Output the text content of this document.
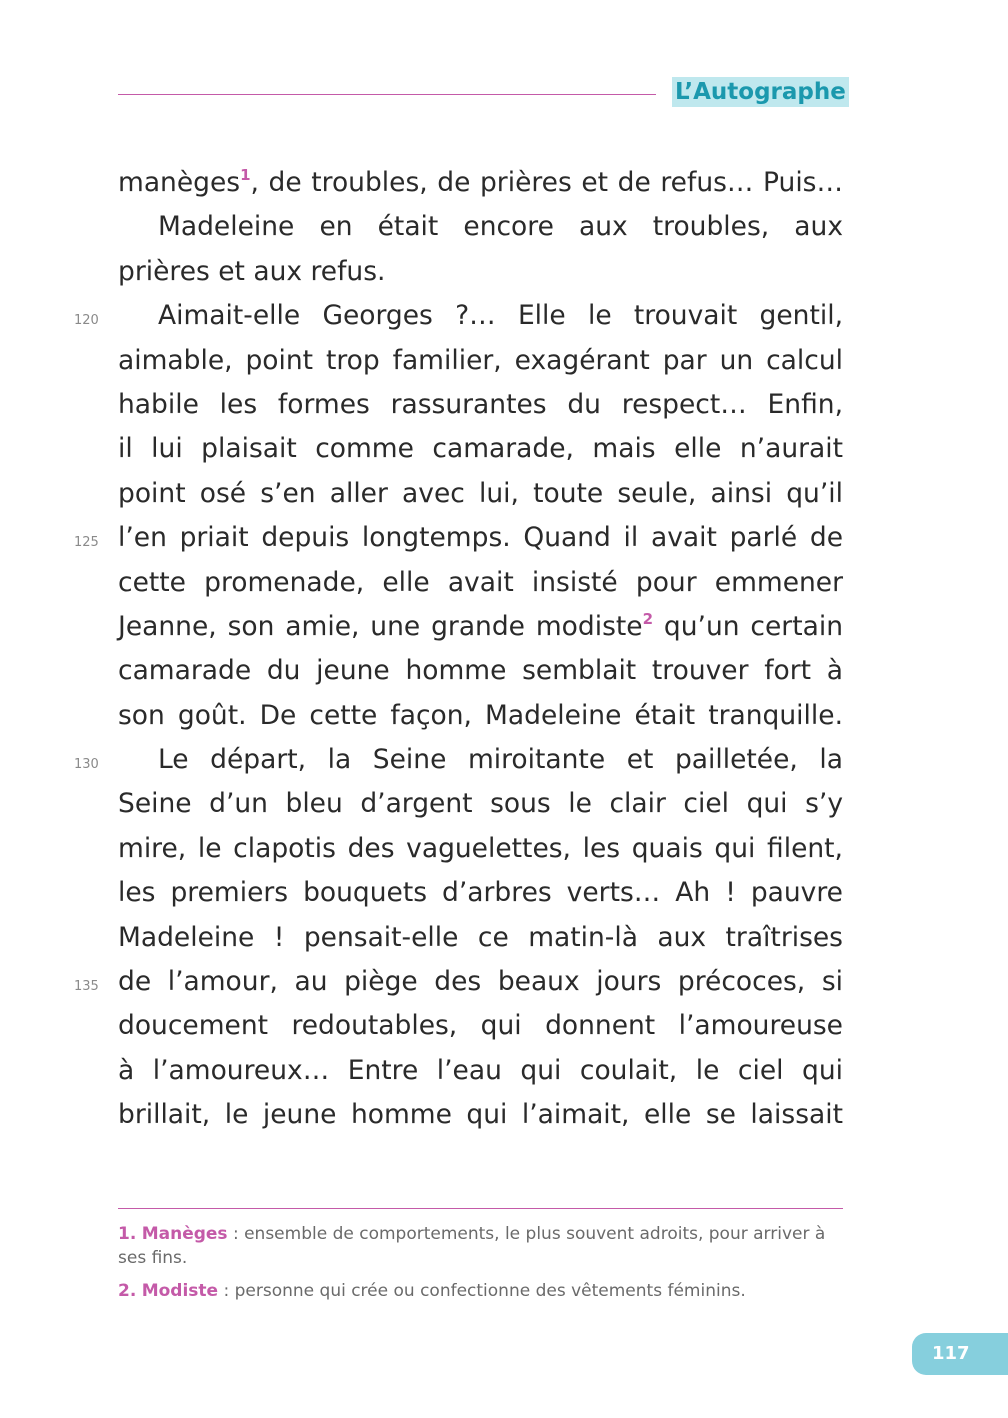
L’Autographe
manèges$^1$, de troubles, de prières et de refus… Puis…
Madeleine en était encore aux troubles, aux
prières et aux refus.
Aimait-elle Georges ?… Elle le trouvait gentil,
aimable, point trop familier, exagérant par un calcul
habile les formes rassurantes du respect… Enfin,
il lui plaisait comme camarade, mais elle n’aurait
point osé s’en aller avec lui, toute seule, ainsi qu’il
l’en priait depuis longtemps. Quand il avait parlé de
cette promenade, elle avait insisté pour emmener
Jeanne, son amie, une grande modiste$^2$ qu’un certain
camarade du jeune homme semblait trouver fort à
son goût. De cette façon, Madeleine était tranquille.
Le départ, la Seine miroitante et pailletée, la
Seine d’un bleu d’argent sous le clair ciel qui s’y
mire, le clapotis des vaguelettes, les quais qui filent,
les premiers bouquets d’arbres verts… Ah ! pauvre
Madeleine ! pensait-elle ce matin-là aux traîtrises
de l’amour, au piège des beaux jours précoces, si
doucement redoutables, qui donnent l’amoureuse
à l’amoureux… Entre l’eau qui coulait, le ciel qui
brillait, le jeune homme qui l’aimait, elle se laissait
120
125
130
135
1. Manèges : ensemble de comportements, le plus souvent adroits, pour arriver à ses fins.
2. Modiste : personne qui crée ou confectionne des vêtements féminins.
117
